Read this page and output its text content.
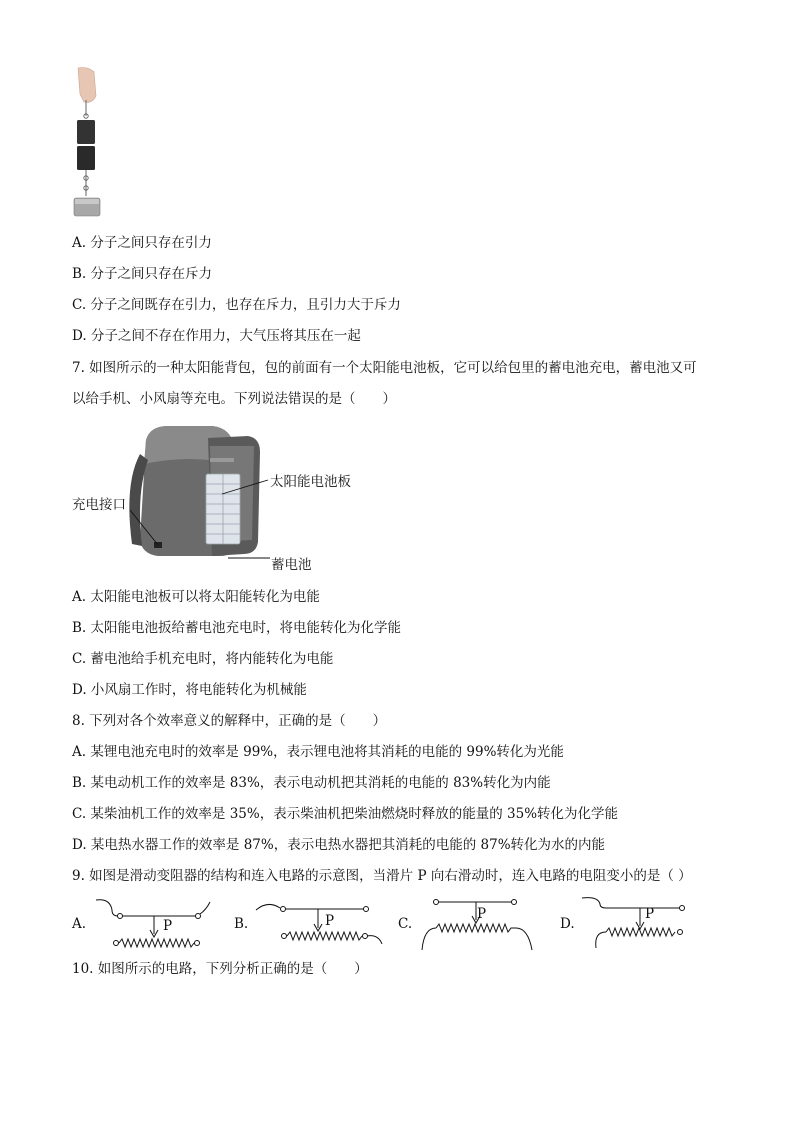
A. 分子之间只存在引力
B. 分子之间只存在斥力
C. 分子之间既存在引力，也存在斥力，且引力大于斥力
D. 分子之间不存在作用力，大气压将其压在一起
7. 如图所示的一种太阳能背包，包的前面有一个太阳能电池板，它可以给包里的蓄电池充电，蓄电池又可
以给手机、小风扇等充电。下列说法错误的是（　　）
太阳能电池板
充电接口
蓄电池
A. 太阳能电池板可以将太阳能转化为电能
B. 太阳能电池扳给蓄电池充电时，将电能转化为化学能
C. 蓄电池给手机充电时，将内能转化为电能
D. 小风扇工作时，将电能转化为机械能
8. 下列对各个效率意义的解释中，正确的是（　　）
A. 某锂电池充电时的效率是 99%，表示锂电池将其消耗的电能的 99%转化为光能
B. 某电动机工作的效率是 83%，表示电动机把其消耗的电能的 83%转化为内能
C. 某柴油机工作的效率是 35%，表示柴油机把柴油燃烧时释放的能量的 35%转化为化学能
D. 某电热水器工作的效率是 87%，表示电热水器把其消耗的电能的 87%转化为水的内能
9. 如图是滑动变阻器的结构和连入电路的示意图，当滑片 P 向右滑动时，连入电路的电阻变小的是（ ）
A.	P	B.	P	C.
P
D.
P
10. 如图所示的电路，下列分析正确的是（　　）
